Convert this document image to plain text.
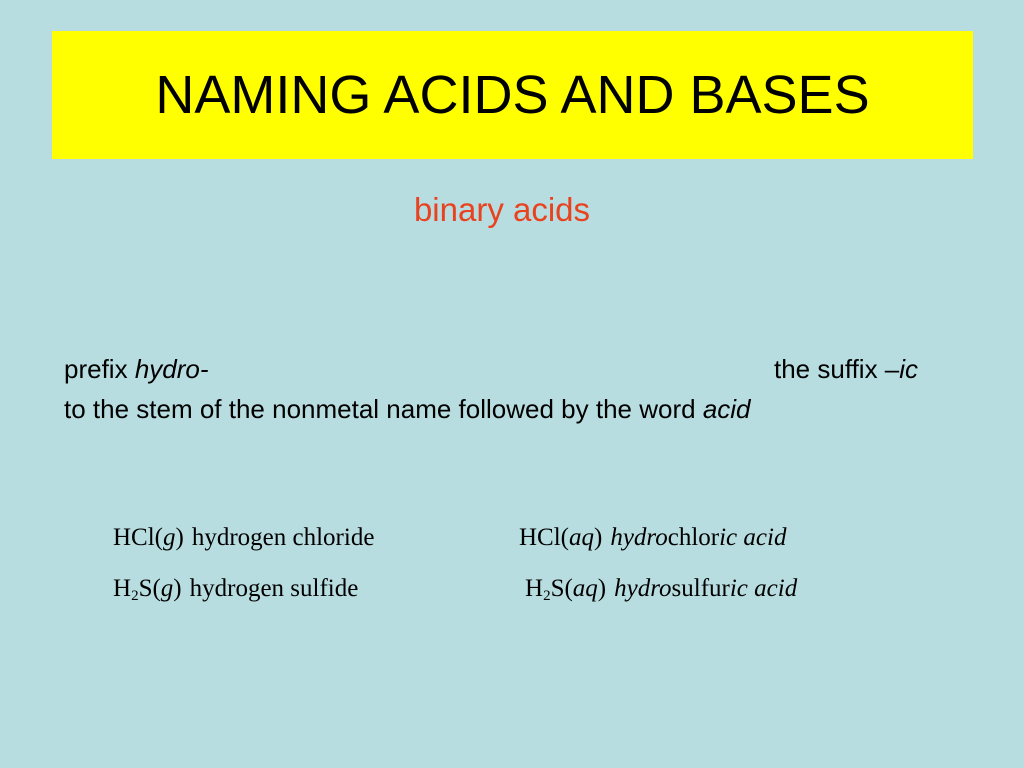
NAMING ACIDS AND BASES
binary acids
prefix hydro-	the suffix –ic
to the stem of the nonmetal name followed by the word acid
HCl(g) hydrogen chloride	HCl(aq) hydrochloric acid
$H_2S(g)$ hydrogen sulfide	$H_2S(aq)$ hydrosulfuric acid
